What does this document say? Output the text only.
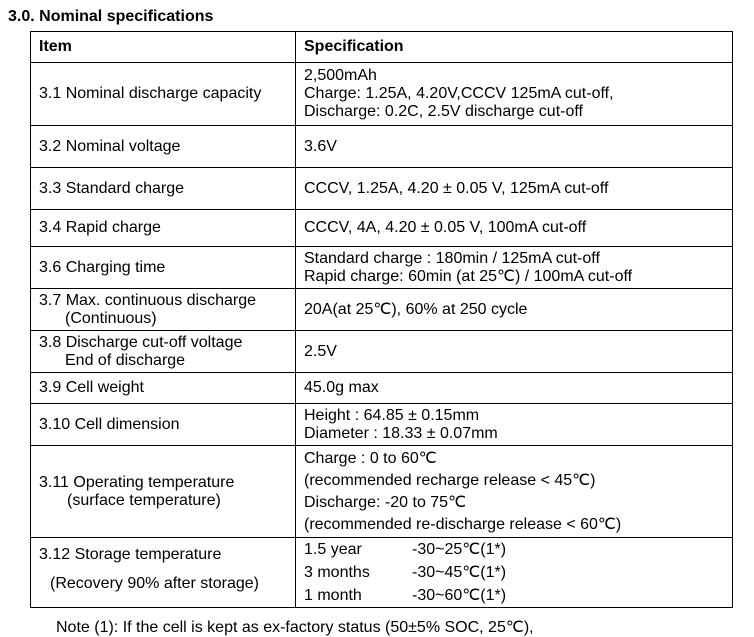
3.0. Nominal specifications
Item	Specification
3.1 Nominal discharge capacity	2,500mAh
Charge: 1.25A, 4.20V,CCCV 125mA cut-off,
Discharge: 0.2C, 2.5V discharge cut-off

3.2 Nominal voltage	3.6V
3.3 Standard charge	CCCV, 1.25A, 4.20 ± 0.05 V, 125mA cut-off
3.4 Rapid charge	CCCV, 4A, 4.20 ± 0.05 V, 100mA cut-off
3.6 Charging time	Standard charge : 180min / 125mA cut-off
Rapid charge: 60min (at 25℃) / 100mA cut-off

3.7 Max. continuous discharge
(Continuous)	20A(at 25℃), 60% at 250 cycle

3.8 Discharge cut-off voltage
End of discharge	2.5V
3.9 Cell weight	45.0g max
3.10 Cell dimension	Height : 64.85 ± 0.15mm
Diameter : 18.33 ± 0.07mm

3.11 Operating temperature
(surface temperature)	Charge : 0 to 60℃
(recommended recharge release < 45℃)
Discharge: -20 to 75℃
(recommended re-discharge release < 60℃)

3.12 Storage temperature
(Recovery 90% after storage)	1.5 year -30~25℃(1*)
3 months -30~45℃(1*)
1 month -30~60℃(1*)
Note (1): If the cell is kept as ex-factory status (50±5% SOC, 25℃),
